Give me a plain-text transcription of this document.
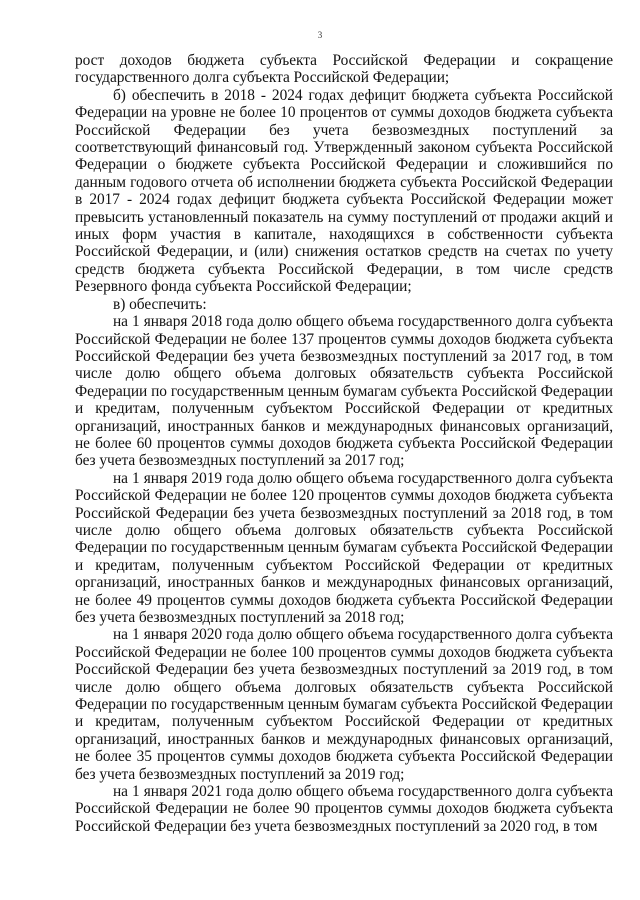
3

рост доходов бюджета субъекта Российской Федерации и сокращение государственного долга субъекта Российской Федерации;

б) обеспечить в 2018 - 2024 годах дефицит бюджета субъекта Российской Федерации на уровне не более 10 процентов от суммы доходов бюджета субъекта Российской Федерации без учета безвозмездных поступлений за соответствующий финансовый год. Утвержденный законом субъекта Российской Федерации о бюджете субъекта Российской Федерации и сложившийся по данным годового отчета об исполнении бюджета субъекта Российской Федерации в 2017 - 2024 годах дефицит бюджета субъекта Российской Федерации может превысить установленный показатель на сумму поступлений от продажи акций и иных форм участия в капитале, находящихся в собственности субъекта Российской Федерации, и (или) снижения остатков средств на счетах по учету средств бюджета субъекта Российской Федерации, в том числе средств Резервного фонда субъекта Российской Федерации;

в) обеспечить:

на 1 января 2018 года долю общего объема государственного долга субъекта Российской Федерации не более 137 процентов суммы доходов бюджета субъекта Российской Федерации без учета безвозмездных поступлений за 2017 год, в том числе долю общего объема долговых обязательств субъекта Российской Федерации по государственным ценным бумагам субъекта Российской Федерации и кредитам, полученным субъектом Российской Федерации от кредитных организаций, иностранных банков и международных финансовых организаций, не более 60 процентов суммы доходов бюджета субъекта Российской Федерации без учета безвозмездных поступлений за 2017 год;

на 1 января 2019 года долю общего объема государственного долга субъекта Российской Федерации не более 120 процентов суммы доходов бюджета субъекта Российской Федерации без учета безвозмездных поступлений за 2018 год, в том числе долю общего объема долговых обязательств субъекта Российской Федерации по государственным ценным бумагам субъекта Российской Федерации и кредитам, полученным субъектом Российской Федерации от кредитных организаций, иностранных банков и международных финансовых организаций, не более 49 процентов суммы доходов бюджета субъекта Российской Федерации без учета безвозмездных поступлений за 2018 год;

на 1 января 2020 года долю общего объема государственного долга субъекта Российской Федерации не более 100 процентов суммы доходов бюджета субъекта Российской Федерации без учета безвозмездных поступлений за 2019 год, в том числе долю общего объема долговых обязательств субъекта Российской Федерации по государственным ценным бумагам субъекта Российской Федерации и кредитам, полученным субъектом Российской Федерации от кредитных организаций, иностранных банков и международных финансовых организаций, не более 35 процентов суммы доходов бюджета субъекта Российской Федерации без учета безвозмездных поступлений за 2019 год;

на 1 января 2021 года долю общего объема государственного долга субъекта Российской Федерации не более 90 процентов суммы доходов бюджета субъекта Российской Федерации без учета безвозмездных поступлений за 2020 год, в том
